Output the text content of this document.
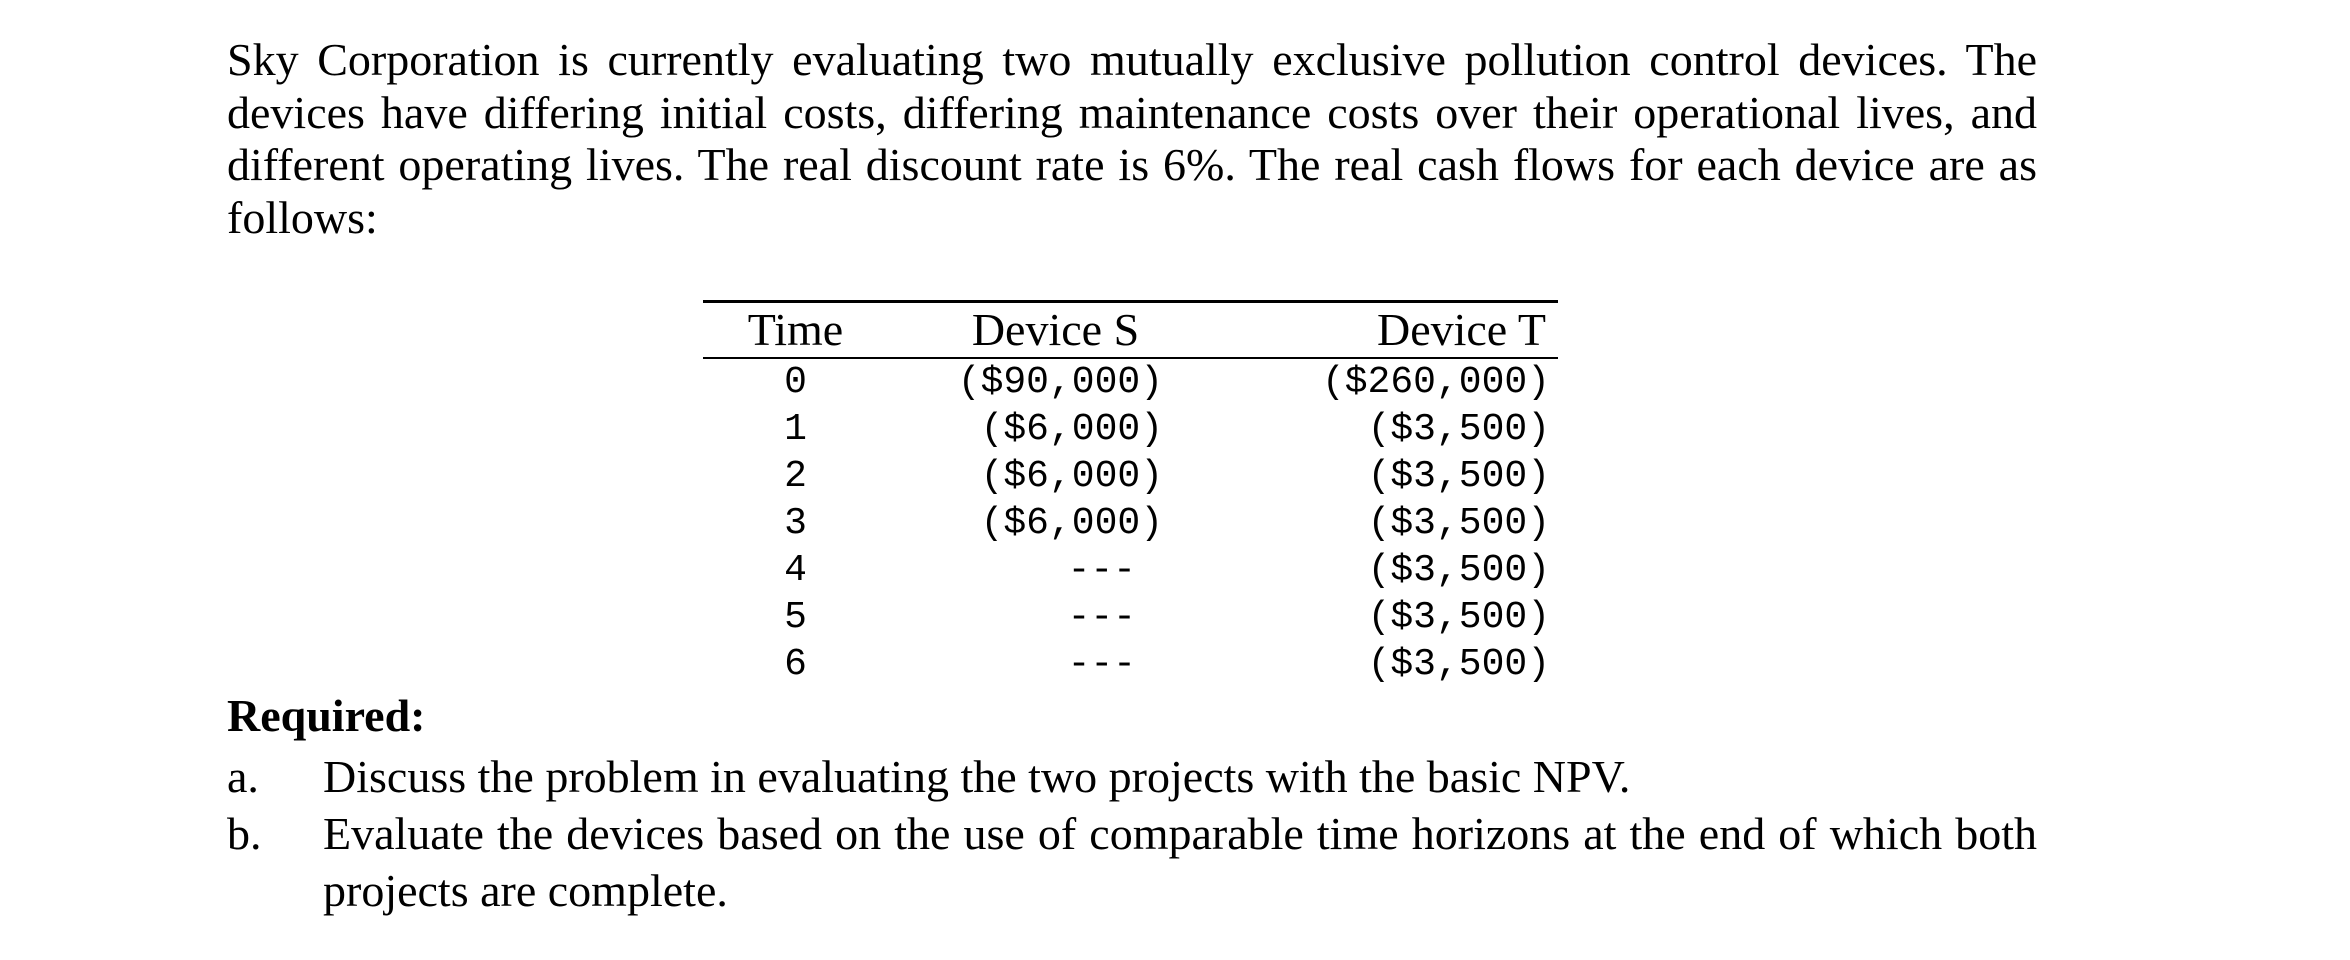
Sky Corporation is currently evaluating two mutually exclusive pollution control devices. The devices have differing initial costs, differing maintenance costs over their operational lives, and different operating lives. The real discount rate is 6%. The real cash flows for each device are as follows:

Time	Device S	Device T
0	($90,000)	($260,000)
1	($6,000)	($3,500)
2	($6,000)	($3,500)
3	($6,000)	($3,500)
4	---	($3,500)
5	---	($3,500)
6	---	($3,500)

Required:

a.	Discuss the problem in evaluating the two projects with the basic NPV.
b.	Evaluate the devices based on the use of comparable time horizons at the end of which both projects are complete.
